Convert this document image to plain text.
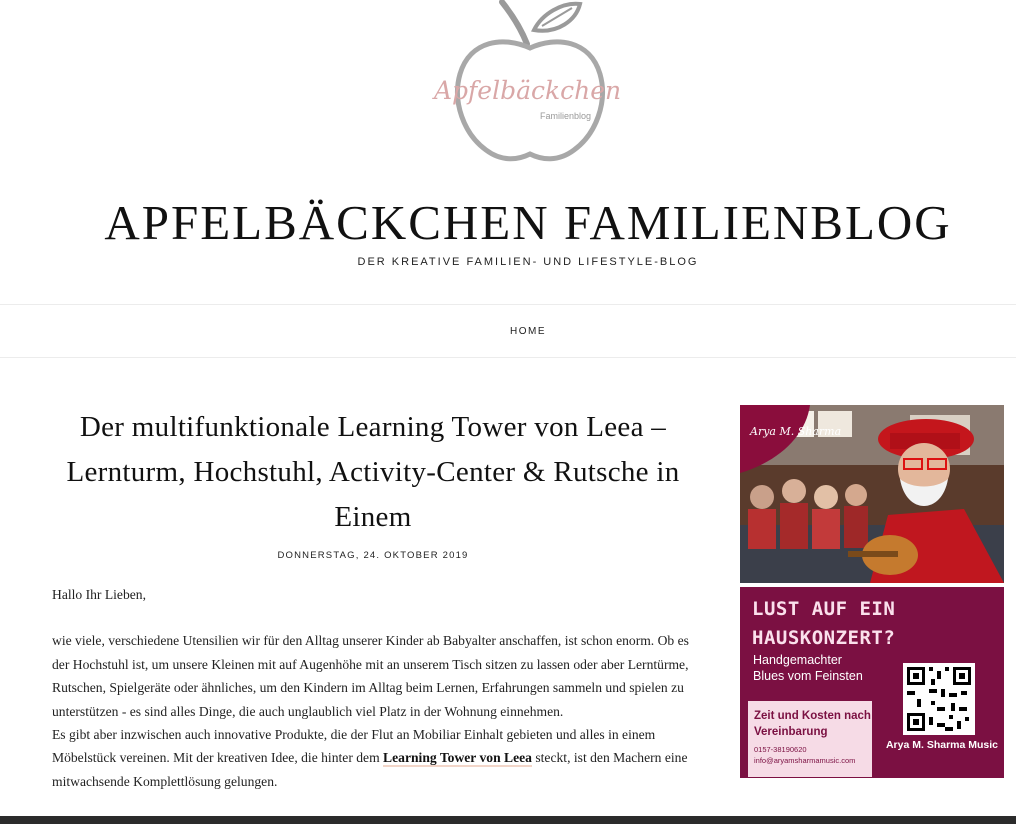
Apfelbäckchen
Familienblog
APFELBÄCKCHEN FAMILIENBLOG
DER KREATIVE FAMILIEN- UND LIFESTYLE-BLOG
HOME
Der multifunktionale Learning Tower von Leea – Lernturm, Hochstuhl, Activity-Center & Rutsche in Einem
DONNERSTAG, 24. OKTOBER 2019

Hallo Ihr Lieben,

wie viele, verschiedene Utensilien wir für den Alltag unserer Kinder ab Babyalter anschaffen, ist schon enorm. Ob es der Hochstuhl ist, um unsere Kleinen mit auf Augenhöhe mit an unserem Tisch sitzen zu lassen oder aber Lerntürme, Rutschen, Spielgeräte oder ähnliches, um den Kindern im Alltag beim Lernen, Erfahrungen sammeln und spielen zu unterstützen - es sind alles Dinge, die auch unglaublich viel Platz in der Wohnung einnehmen.

Es gibt aber inzwischen auch innovative Produkte, die der Flut an Mobiliar Einhalt gebieten und alles in einem Möbelstück vereinen. Mit der kreativen Idee, die hinter dem Learning Tower von Leea steckt, ist den Machern eine mitwachsende Komplettlösung gelungen.

Arya M. Sharma
LUST AUF EIN
HAUSKONZERT?
Handgemachter
Blues vom Feinsten
Zeit und Kosten nach
Vereinbarung
0157-38190620
info@aryamsharmamusic.com
Arya M. Sharma Music
